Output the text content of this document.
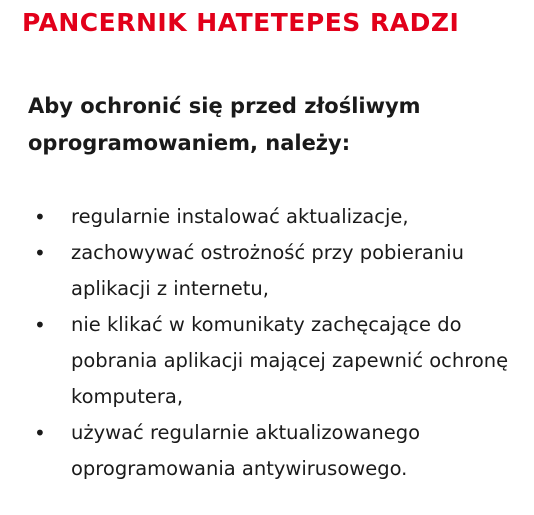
PANCERNIK HATETEPES RADZI

Aby ochronić się przed złośliwym oprogramowaniem, należy:

• regularnie instalować aktualizacje,
• zachowywać ostrożność przy pobieraniu aplikacji z internetu,
• nie klikać w komunikaty zachęcające do pobrania aplikacji mającej zapewnić ochronę komputera,
• używać regularnie aktualizowanego oprogramowania antywirusowego.
